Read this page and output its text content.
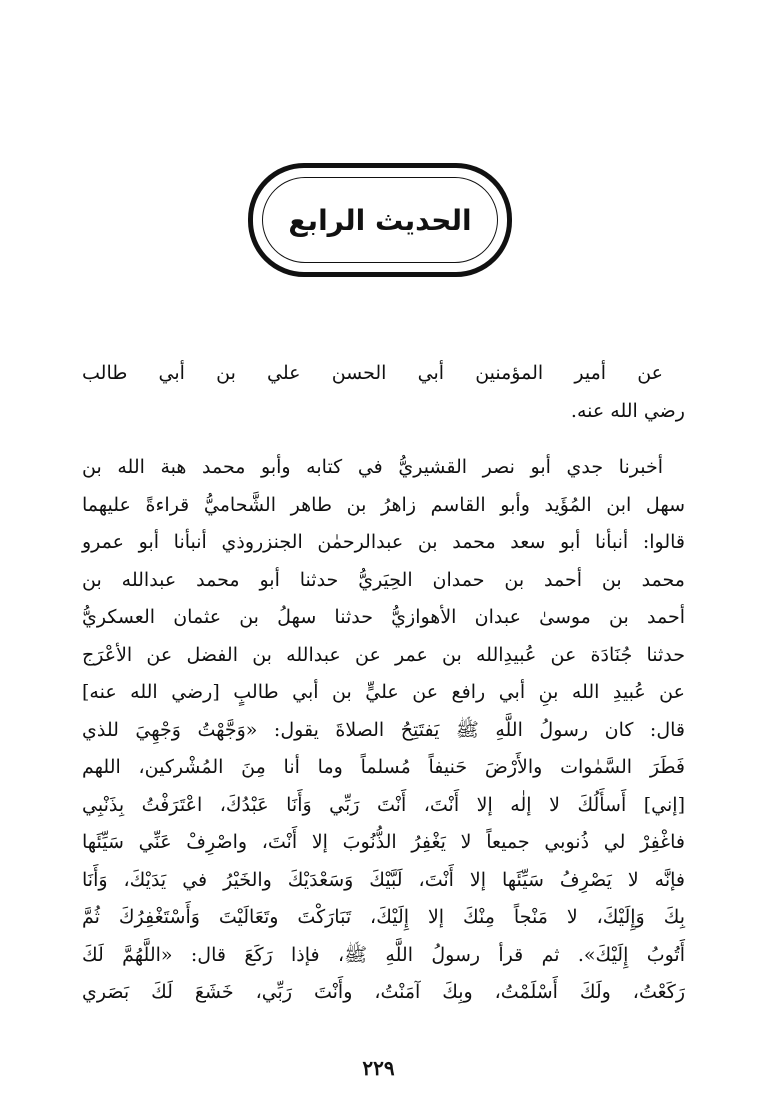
الحديث الرابع
عن أمير المؤمنين أبي الحسن علي بن أبي طالب
رضي الله عنه.
أخبرنا جدي أبو نصر القشيريُّ في كتابه وأبو محمد هبة الله بن
سهل ابن المُؤَيد وأبو القاسم زاهرُ بن طاهر الشَّحاميُّ قراءةً عليهما
قالوا: أنبأنا أبو سعد محمد بن عبدالرحمٰن الجنزروذي أنبأنا أبو عمرو
محمد بن أحمد بن حمدان الحِيَريُّ حدثنا أبو محمد عبدالله بن
أحمد بن موسىٰ عبدان الأهوازيُّ حدثنا سهلُ بن عثمان العسكريُّ
حدثنا جُنَادَة عن عُبيدِالله بن عمر عن عبدالله بن الفضل عن الأعْرَج
عن عُبيدِ الله بنِ أبي رافع عن عليٍّ بن أبي طالبٍ [رضي الله عنه]
قال: كان رسولُ اللَّهِ ﷺ يَفتَتِحُ الصلاةَ يقول: «وَجَّهْتُ وَجْهِيَ للذي
فَطَرَ السَّمٰوات والأَرْضَ حَنيفاً مُسلماً وما أنا مِنَ المُشْركين، اللهم
[إني] أَسأَلُكَ لا إلٰه إلا أَنْتَ، أَنْتَ رَبِّي وَأَنَا عَبْدُكَ، اعْتَرَفْتُ بِذَنْبِي
فاغْفِرْ لي ذُنوبي جميعاً لا يَغْفِرُ الذُّنُوبَ إلا أَنْتَ، واصْرِفْ عَنِّي سَيِّئَها
فإنَّه لا يَصْرِفُ سَيِّئَها إلا أَنْتَ، لَبَّيْكَ وَسَعْدَيْكَ والخَيْرُ في يَدَيْكَ، وَأَنَا
بِكَ وَإِلَيْكَ، لا مَنْجاً مِنْكَ إلا إِلَيْكَ، تَبَارَكْتَ وتَعَالَيْتَ وَأَسْتَغْفِرُكَ ثُمَّ
أَتُوبُ إِلَيْكَ». ثم قرأ رسولُ اللَّهِ ﷺ، فإذا رَكَعَ قال: «اللَّهُمَّ لَكَ
رَكَعْتُ، ولَكَ أَسْلَمْتُ، وبِكَ آمَنْتُ، وأَنْتَ رَبِّي، خَشَعَ لَكَ بَصَري
٢٢٩
